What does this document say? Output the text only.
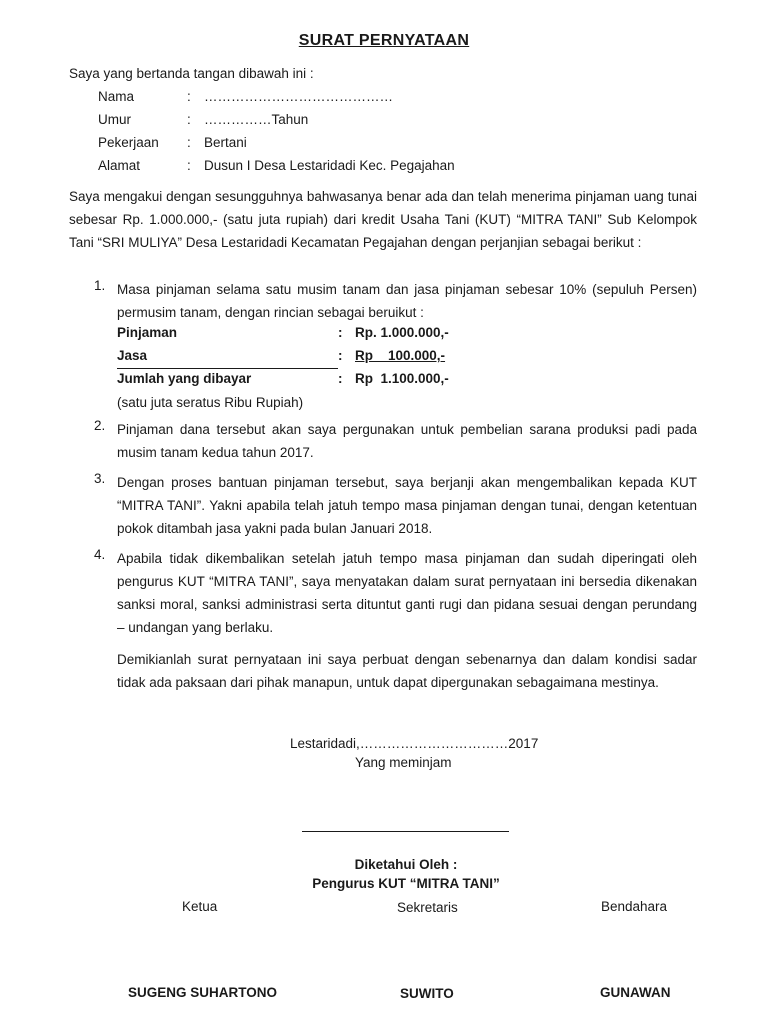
SURAT PERNYATAAN
Saya yang bertanda tangan dibawah ini :
Nama	: ……………………………………
Umur	: ……………Tahun
Pekerjaan : Bertani
Alamat	: Dusun I Desa Lestaridadi Kec. Pegajahan
Saya mengakui dengan sesungguhnya bahwasanya benar ada dan telah menerima pinjaman uang tunai sebesar Rp. 1.000.000,- (satu juta rupiah) dari kredit Usaha Tani (KUT) “MITRA TANI” Sub Kelompok Tani “SRI MULIYA” Desa Lestaridadi Kecamatan Pegajahan dengan perjanjian sebagai berikut :
1. Masa pinjaman selama satu musim tanam dan jasa pinjaman sebesar 10% (sepuluh Persen) permusim tanam, dengan rincian sebagai beruikut :
Pinjaman	: Rp. 1.000.000,-
Jasa	: Rp    100.000,-
Jumlah yang dibayar	: Rp  1.100.000,-
(satu juta seratus Ribu Rupiah)
2. Pinjaman dana tersebut akan saya pergunakan untuk pembelian sarana produksi padi pada musim tanam kedua tahun 2017.
3. Dengan proses bantuan pinjaman tersebut, saya berjanji akan mengembalikan kepada KUT “MITRA TANI”. Yakni apabila telah jatuh tempo masa pinjaman dengan tunai, dengan ketentuan pokok ditambah jasa yakni pada bulan Januari 2018.
4. Apabila tidak dikembalikan setelah jatuh tempo masa pinjaman dan sudah diperingati oleh pengurus KUT “MITRA TANI”, saya menyatakan dalam surat pernyataan ini bersedia dikenakan sanksi moral, sanksi administrasi serta dituntut ganti rugi dan pidana sesuai dengan perundang – undangan yang berlaku.
Demikianlah surat pernyataan ini saya perbuat dengan sebenarnya dan dalam kondisi sadar tidak ada paksaan dari pihak manapun, untuk dapat dipergunakan sebagaimana mestinya.
Lestaridadi,……………………………2017
Yang meminjam
Diketahui Oleh :
Pengurus KUT “MITRA TANI”
Ketua	Sekretaris	Bendahara
SUGENG SUHARTONO	SUWITO	GUNAWAN
